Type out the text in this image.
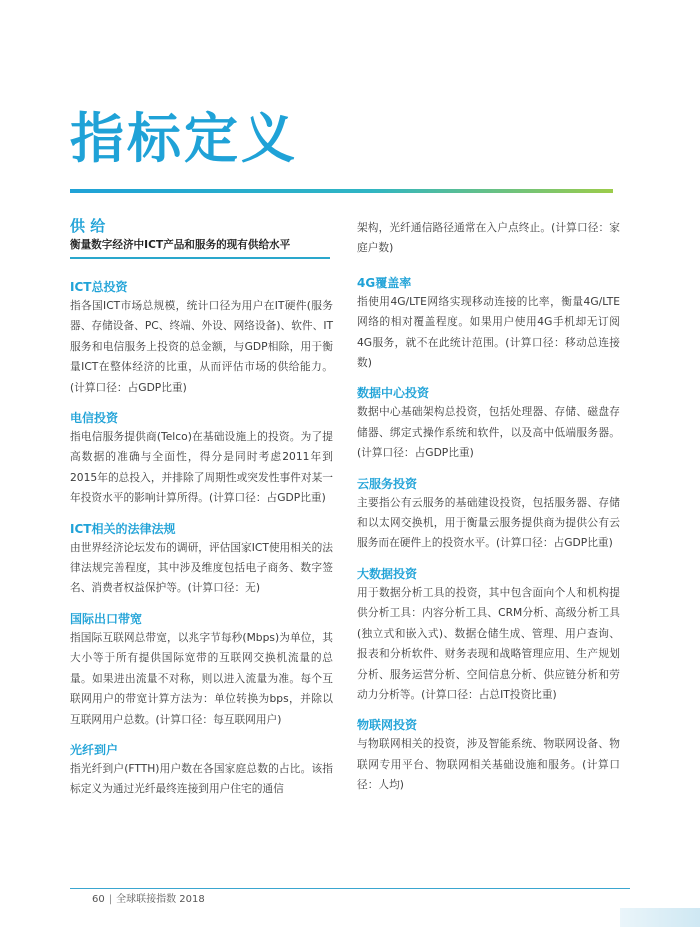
指标定义

供 给

衡量数字经济中ICT产品和服务的现有供给水平

ICT总投资

指各国ICT市场总规模，统计口径为用户在IT硬件(服务器、存储设备、PC、终端、外设、网络设备)、软件、IT服务和电信服务上投资的总金额，与GDP相除，用于衡量ICT在整体经济的比重，从而评估市场的供给能力。(计算口径：占GDP比重)

电信投资

指电信服务提供商(Telco)在基础设施上的投资。为了提高数据的准确与全面性，得分是同时考虑2011年到2015年的总投入，并排除了周期性或突发性事件对某一年投资水平的影响计算所得。(计算口径：占GDP比重)

ICT相关的法律法规

由世界经济论坛发布的调研，评估国家ICT使用相关的法律法规完善程度，其中涉及维度包括电子商务、数字签名、消费者权益保护等。(计算口径：无)

国际出口带宽

指国际互联网总带宽，以兆字节每秒(Mbps)为单位，其大小等于所有提供国际宽带的互联网交换机流量的总量。如果进出流量不对称，则以进入流量为准。每个互联网用户的带宽计算方法为：单位转换为bps，并除以互联网用户总数。(计算口径：每互联网用户)

光纤到户

指光纤到户(FTTH)用户数在各国家庭总数的占比。该指标定义为通过光纤最终连接到用户住宅的通信

架构，光纤通信路径通常在入户点终止。(计算口径：家庭户数)

4G覆盖率

指使用4G/LTE网络实现移动连接的比率，衡量4G/LTE网络的相对覆盖程度。如果用户使用4G手机却无订阅4G服务，就不在此统计范围。(计算口径：移动总连接数)

数据中心投资

数据中心基础架构总投资，包括处理器、存储、磁盘存储器、绑定式操作系统和软件，以及高中低端服务器。(计算口径：占GDP比重)

云服务投资

主要指公有云服务的基础建设投资，包括服务器、存储和以太网交换机，用于衡量云服务提供商为提供公有云服务而在硬件上的投资水平。(计算口径：占GDP比重)

大数据投资

用于数据分析工具的投资，其中包含面向个人和机构提供分析工具：内容分析工具、CRM分析、高级分析工具(独立式和嵌入式)、数据仓储生成、管理、用户查询、报表和分析软件、财务表现和战略管理应用、生产规划分析、服务运营分析、空间信息分析、供应链分析和劳动力分析等。(计算口径：占总IT投资比重)

物联网投资

与物联网相关的投资，涉及智能系统、物联网设备、物联网专用平台、物联网相关基础设施和服务。(计算口径：人均)

60 | 全球联接指数 2018
